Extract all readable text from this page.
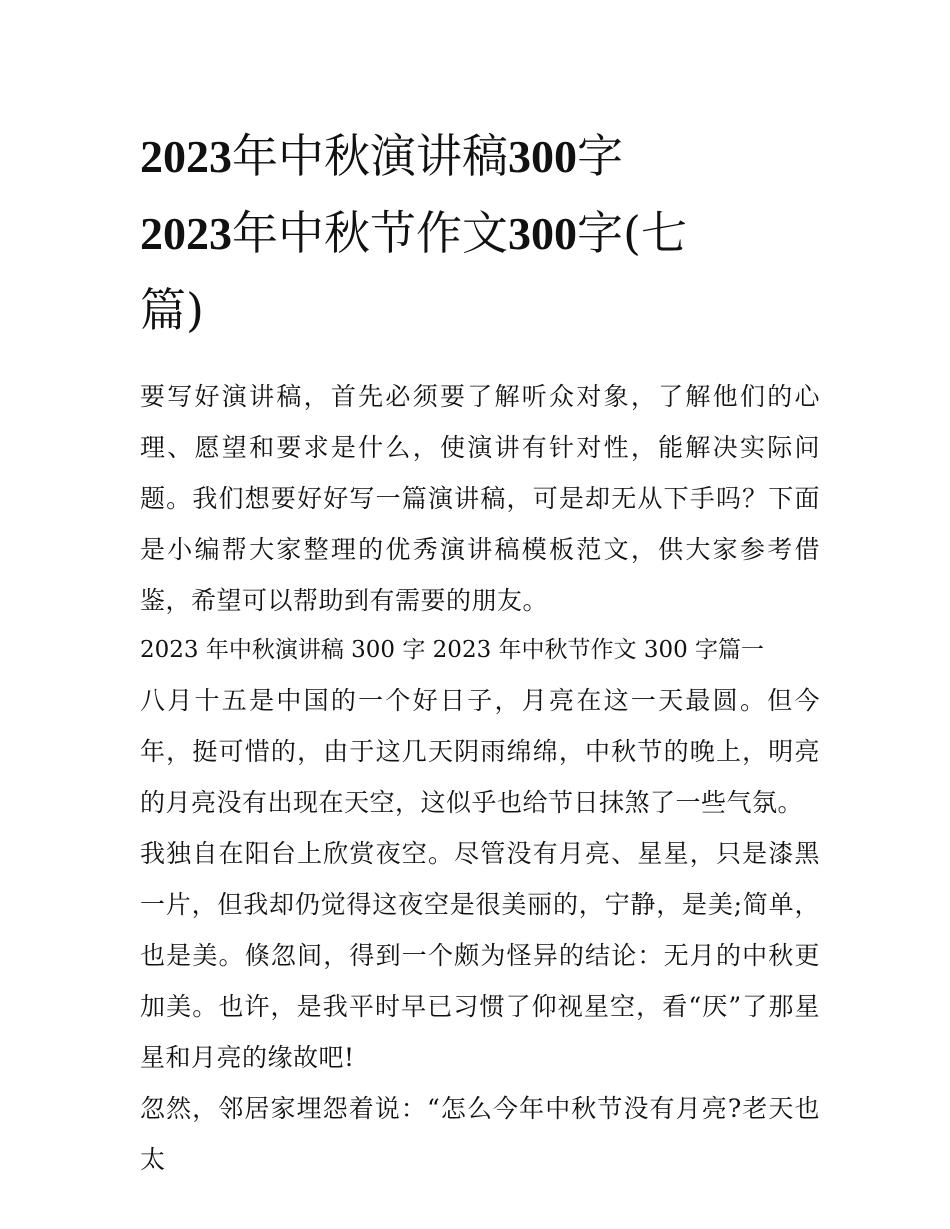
2023年中秋演讲稿300字
2023年中秋节作文300字(七
篇)

要写好演讲稿，首先必须要了解听众对象，了解他们的心理、愿望和要求是什么，使演讲有针对性，能解决实际问题。我们想要好好写一篇演讲稿，可是却无从下手吗？下面是小编帮大家整理的优秀演讲稿模板范文，供大家参考借鉴，希望可以帮助到有需要的朋友。

2023 年中秋演讲稿 300 字 2023 年中秋节作文 300 字篇一

八月十五是中国的一个好日子，月亮在这一天最圆。但今年，挺可惜的，由于这几天阴雨绵绵，中秋节的晚上，明亮的月亮没有出现在天空，这似乎也给节日抹煞了一些气氛。

我独自在阳台上欣赏夜空。尽管没有月亮、星星，只是漆黑一片，但我却仍觉得这夜空是很美丽的，宁静，是美;简单，也是美。倏忽间，得到一个颇为怪异的结论：无月的中秋更加美。也许，是我平时早已习惯了仰视星空，看“厌”了那星星和月亮的缘故吧!

忽然，邻居家埋怨着说：“怎么今年中秋节没有月亮?老天也太
